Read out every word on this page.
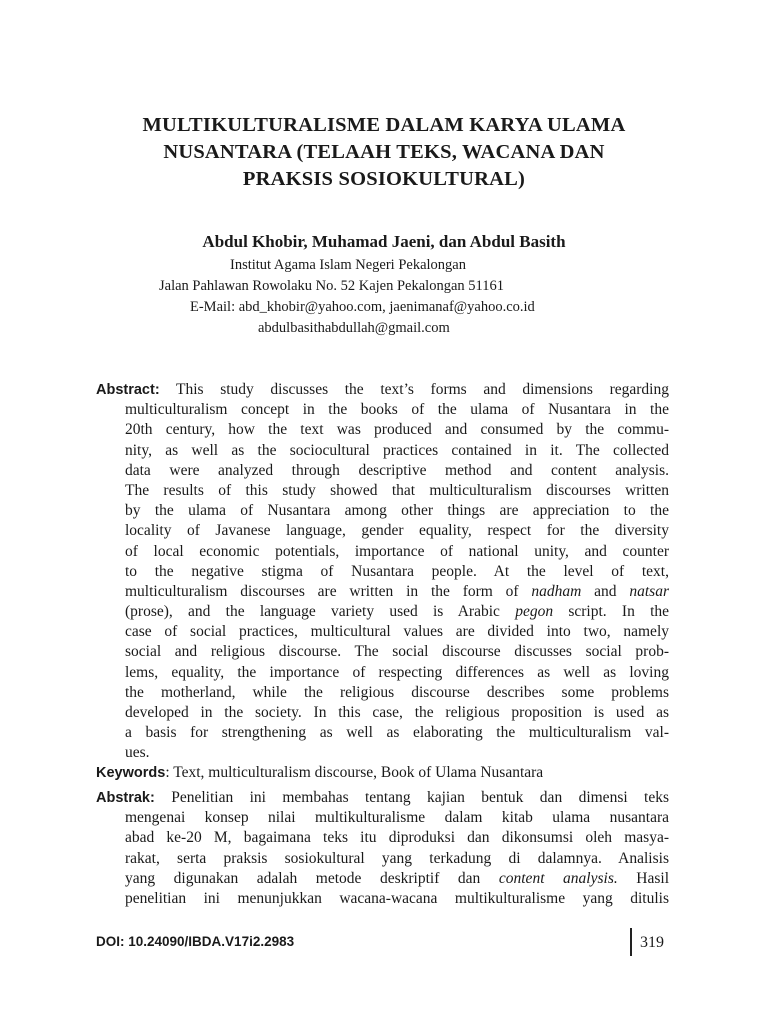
MULTIKULTURALISME DALAM KARYA ULAMA
NUSANTARA (TELAAH TEKS, WACANA DAN
PRAKSIS SOSIOKULTURAL)
Abdul Khobir, Muhamad Jaeni, dan Abdul Basith
Institut Agama Islam Negeri Pekalongan
Jalan Pahlawan Rowolaku No. 52 Kajen Pekalongan 51161
E-Mail: abd_khobir@yahoo.com, jaenimanaf@yahoo.co.id
abdulbasithabdullah@gmail.com
Abstract: This study discusses the text’s forms and dimensions regarding
multiculturalism concept in the books of the ulama of Nusantara in the
20th century, how the text was produced and consumed by the commu-
nity, as well as the sociocultural practices contained in it. The collected
data were analyzed through descriptive method and content analysis.
The results of this study showed that multiculturalism discourses written
by the ulama of Nusantara among other things are appreciation to the
locality of Javanese language, gender equality, respect for the diversity
of local economic potentials, importance of national unity, and counter
to the negative stigma of Nusantara people. At the level of text,
multiculturalism discourses are written in the form of nadham and natsar
(prose), and the language variety used is Arabic pegon script. In the
case of social practices, multicultural values are divided into two, namely
social and religious discourse. The social discourse discusses social prob-
lems, equality, the importance of respecting differences as well as loving
the motherland, while the religious discourse describes some problems
developed in the society. In this case, the religious proposition is used as
a basis for strengthening as well as elaborating the multiculturalism val-
ues.
Keywords: Text, multiculturalism discourse, Book of Ulama Nusantara
Abstrak: Penelitian ini membahas tentang kajian bentuk dan dimensi teks
mengenai konsep nilai multikulturalisme dalam kitab ulama nusantara
abad ke-20 M, bagaimana teks itu diproduksi dan dikonsumsi oleh masya-
rakat, serta praksis sosiokultural yang terkadung di dalamnya. Analisis
yang digunakan adalah metode deskriptif dan content analysis. Hasil
penelitian ini menunjukkan wacana-wacana multikulturalisme yang ditulis
DOI: 10.24090/IBDA.V17i2.2983	319
